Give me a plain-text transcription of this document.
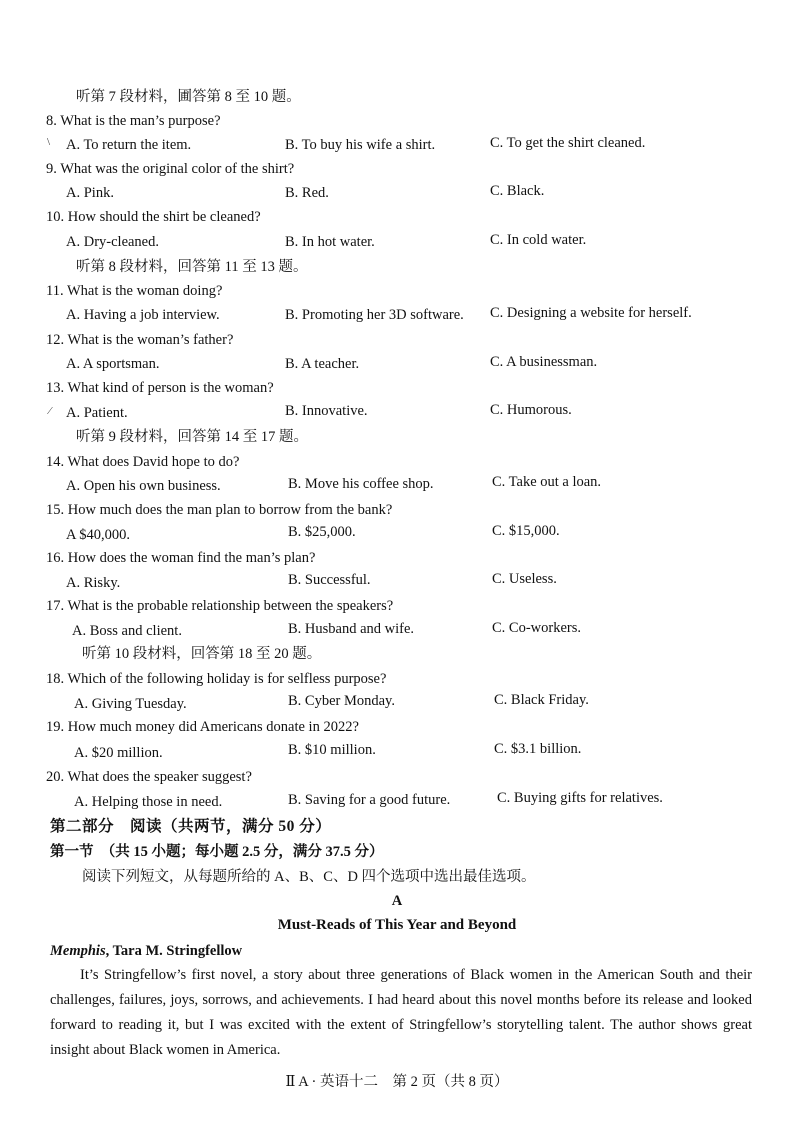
听第 7 段材料，圃答第 8 至 10 题。
8. What is the man’s purpose?
A. To return the item.	B. To buy his wife a shirt.	C. To get the shirt cleaned.
\
9. What was the original color of the shirt?
A. Pink.	B. Red.	C. Black.
10. How should the shirt be cleaned?
A. Dry-cleaned.	B. In hot water.	C. In cold water.
听第 8 段材料，回答第 11 至 13 题。
11. What is the woman doing?
A. Having a job interview.	B. Promoting her 3D software. C. Designing a website for herself.
12. What is the woman’s father?
A. A sportsman.	B. A teacher.	C. A businessman.
13. What kind of person is the woman?
A. Patient.	B. Innovative.	C. Humorous.
⁄
听第 9 段材料，回答第 14 至 17 题。
14. What does David hope to do?
A. Open his own business.	B. Move his coffee shop.	C. Take out a loan.
15. How much does the man plan to borrow from the bank?
A $40,000.	B. $25,000.	C. $15,000.
16. How does the woman find the man’s plan?
A. Risky.	B. Successful.	C. Useless.
17. What is the probable relationship between the speakers?
A. Boss and client.	B. Husband and wife.	C. Co-workers.
听第 10 段材料，回答第 18 至 20 题。
18. Which of the following holiday is for selfless purpose?
A. Giving Tuesday.	B. Cyber Monday.	C. Black Friday.
19. How much money did Americans donate in 2022?
A. $20 million.	B. $10 million.	C. $3.1 billion.
20. What does the speaker suggest?
A. Helping those in need.	B. Saving for a good future.	C. Buying gifts for relatives.
第二部分　阅读（共两节，满分 50 分）
第一节　（共 15 小题；每小题 2.5 分，满分 37.5 分）
阅读下列短文，从每题所给的 A、B、C、D 四个选项中选出最佳选项。
A
Must-Reads of This Year and Beyond
Memphis, Tara M. Stringfellow
It’s Stringfellow’s first novel, a story about three generations of Black women in the American South and their challenges, failures, joys, sorrows, and achievements. I had heard about this novel months before its release and looked forward to reading it, but I was excited with the extent of Stringfellow’s storytelling talent. The author shows great insight about Black women in America.
Ⅱ A · 英语十二　第 2 页（共 8 页）
